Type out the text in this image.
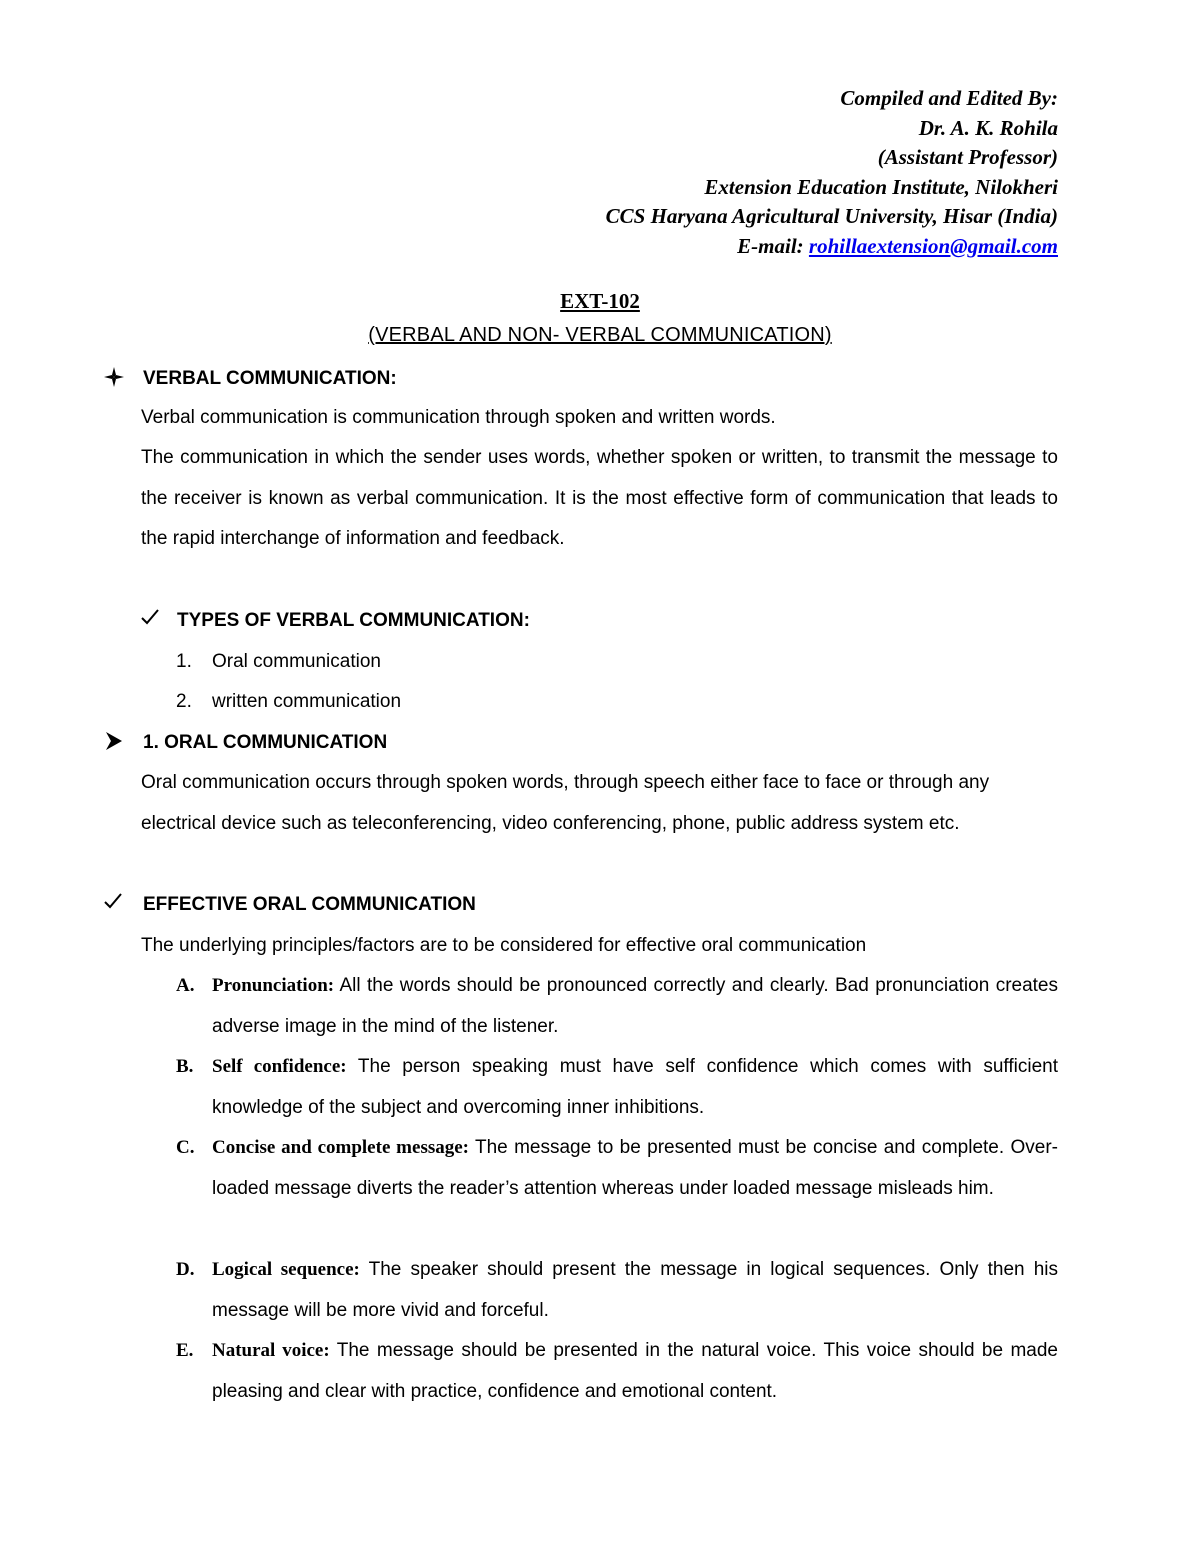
Compiled and Edited By:
Dr. A. K. Rohila
(Assistant Professor)
Extension Education Institute, Nilokheri
CCS Haryana Agricultural University, Hisar (India)
E-mail: rohillaextension@gmail.com
EXT-102
(VERBAL AND NON- VERBAL COMMUNICATION)
VERBAL COMMUNICATION:
Verbal communication is communication through spoken and written words.
The communication in which the sender uses words, whether spoken or written, to transmit the message to the receiver is known as verbal communication. It is the most effective form of communication that leads to the rapid interchange of information and feedback.
TYPES OF VERBAL COMMUNICATION:
1. Oral communication
2. written communication
1. ORAL COMMUNICATION
Oral communication occurs through spoken words, through speech either face to face or through any electrical device such as teleconferencing, video conferencing, phone, public address system etc.
EFFECTIVE ORAL COMMUNICATION
The underlying principles/factors are to be considered for effective oral communication
A. Pronunciation: All the words should be pronounced correctly and clearly. Bad pronunciation creates adverse image in the mind of the listener.
B. Self confidence: The person speaking must have self confidence which comes with sufficient knowledge of the subject and overcoming inner inhibitions.
C. Concise and complete message: The message to be presented must be concise and complete. Over-loaded message diverts the reader’s attention whereas under loaded message misleads him.
D. Logical sequence: The speaker should present the message in logical sequences. Only then his message will be more vivid and forceful.
E. Natural voice: The message should be presented in the natural voice. This voice should be made pleasing and clear with practice, confidence and emotional content.
